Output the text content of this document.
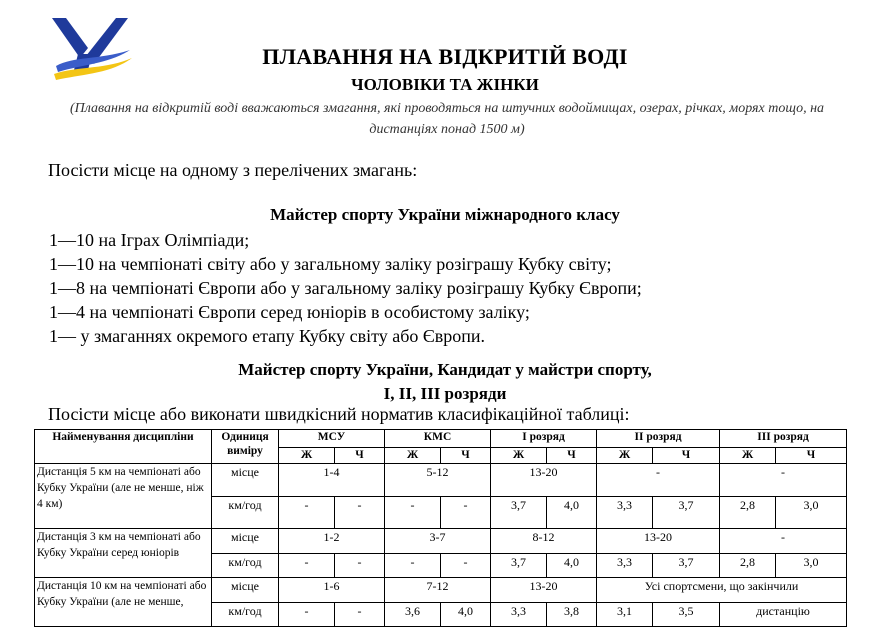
ПЛАВАННЯ НА ВІДКРИТІЙ ВОДІ
ЧОЛОВІКИ ТА ЖІНКИ
(Плавання на відкритій воді вважаються змагання, які проводяться на штучних водоймищах, озерах, річках, морях тощо, на дистанціях понад 1500 м)
Посісти місце на одному з перелічених змагань:
Майстер спорту України міжнародного класу
1—10 на Іграх Олімпіади;
1—10 на чемпіонаті світу або у загальному заліку розіграшу Кубку світу;
1—8 на чемпіонаті Європи або у загальному заліку розіграшу Кубку Європи;
1—4 на чемпіонаті Європи серед юніорів в особистому заліку;
1— у змаганнях окремого етапу Кубку світу або Європи.
Майстер спорту України, Кандидат у майстри спорту,
I, II, III розряди
Посісти місце або виконати швидкісний норматив класифікаційної таблиці:
Найменування дисципліни	Одиниця виміру	МСУ		КМС		I розряд		II розряд		III розряд	
		Ж	Ч	Ж	Ч	Ж	Ч	Ж	Ч	Ж	Ч
Дистанція 5 км на чемпіонаті або Кубку України (але не менше, ніж 4 км)	місце	1-4		5-12		13-20		-		-	
	км/год	-	-	-	-	3,7	4,0	3,3	3,7	2,8	3,0
Дистанція 3 км на чемпіонаті або Кубку України серед юніорів	місце	1-2		3-7		8-12		13-20		-	
	км/год	-	-	-	-	3,7	4,0	3,3	3,7	2,8	3,0
Дистанція 10 км на чемпіонаті або Кубку України (але не менше,	місце	1-6		7-12		13-20		Усі спортсмени, що закінчили			
	км/год	-	-	3,6	4,0	3,3	3,8	3,1	3,5	дистанцію	
